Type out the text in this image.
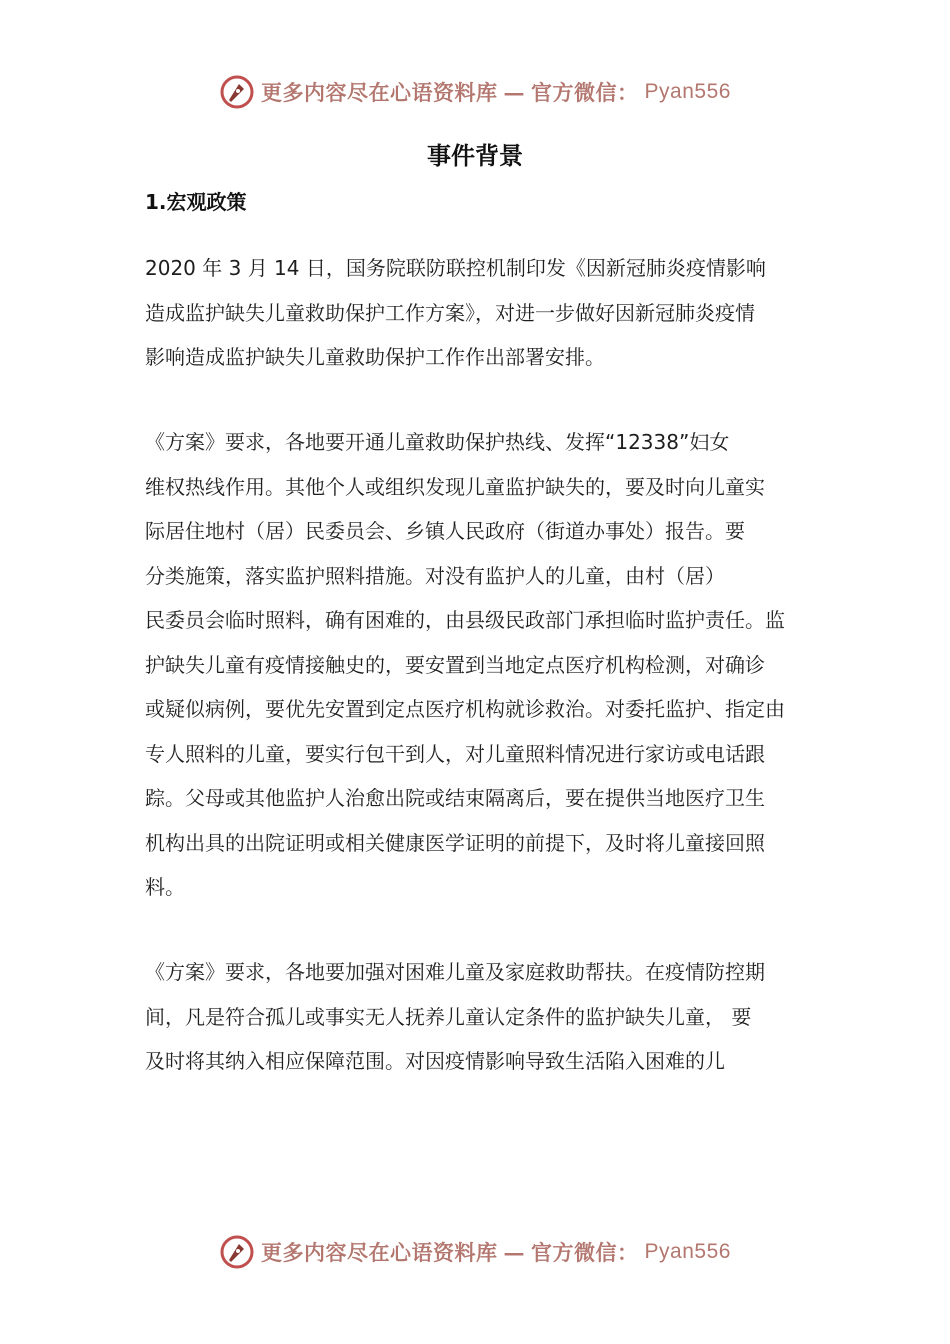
更多内容尽在心语资料库 — 官方微信： Pyan556
事件背景
1.宏观政策
2020 年 3 月 14 日，国务院联防联控机制印发《因新冠肺炎疫情影响
造成监护缺失儿童救助保护工作方案》，对进一步做好因新冠肺炎疫情
影响造成监护缺失儿童救助保护工作作出部署安排。
《方案》要求，各地要开通儿童救助保护热线、发挥“12338”妇女
维权热线作用。其他个人或组织发现儿童监护缺失的，要及时向儿童实
际居住地村（居）民委员会、乡镇人民政府（街道办事处）报告。要
分类施策，落实监护照料措施。对没有监护人的儿童，由村（居）
民委员会临时照料，确有困难的，由县级民政部门承担临时监护责任。监
护缺失儿童有疫情接触史的，要安置到当地定点医疗机构检测，对确诊
或疑似病例，要优先安置到定点医疗机构就诊救治。对委托监护、指定由
专人照料的儿童，要实行包干到人，对儿童照料情况进行家访或电话跟
踪。父母或其他监护人治愈出院或结束隔离后，要在提供当地医疗卫生
机构出具的出院证明或相关健康医学证明的前提下，及时将儿童接回照
料。
《方案》要求，各地要加强对困难儿童及家庭救助帮扶。在疫情防控期
间，凡是符合孤儿或事实无人抚养儿童认定条件的监护缺失儿童， 要
及时将其纳入相应保障范围。对因疫情影响导致生活陷入困难的儿
更多内容尽在心语资料库 — 官方微信： Pyan556
